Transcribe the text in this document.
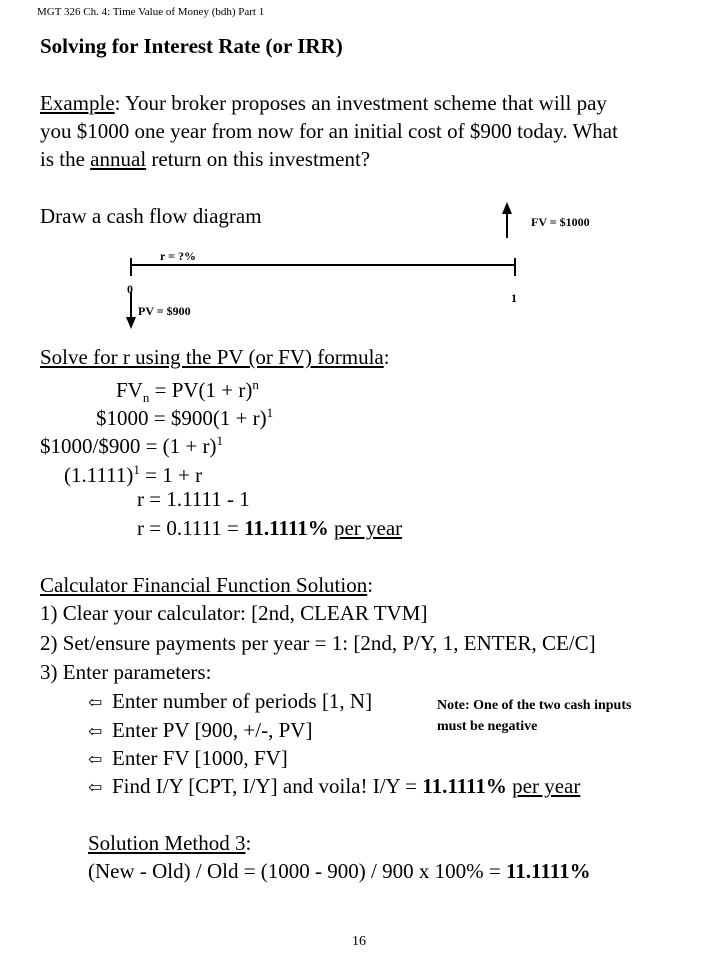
MGT 326 Ch. 4: Time Value of Money (bdh) Part 1
Solving for Interest Rate (or IRR)
Example: Your broker proposes an investment scheme that will pay
you $1000 one year from now for an initial cost of $900 today. What
is the annual return on this investment?
Draw a cash flow diagram	FV = $1000
r = ?%
0
1
PV = $900
Solve for r using the PV (or FV) formula:
$FV_n = PV(1 + r)^n$
$1000 = $900(1 + r)$^1$
$1000/$900 = $(1 + r)^1$
$(1.1111)^1 = 1 + r$
r = 1.1111 - 1
r = 0.1111 = 11.1111% per year
Calculator Financial Function Solution:
1) Clear your calculator: [2nd, CLEAR TVM]
2) Set/ensure payments per year = 1: [2nd, P/Y, 1, ENTER, CE/C]
3) Enter parameters:
⇦ Enter number of periods [1, N]
⇦ Enter PV [900, +/-, PV]
⇦ Enter FV [1000, FV]
⇦ Find I/Y [CPT, I/Y] and voila! I/Y = 11.1111% per year
Note: One of the two cash inputs
must be negative
Solution Method 3:
(New - Old) / Old = (1000 - 900) / 900 x 100% = 11.1111%
16
